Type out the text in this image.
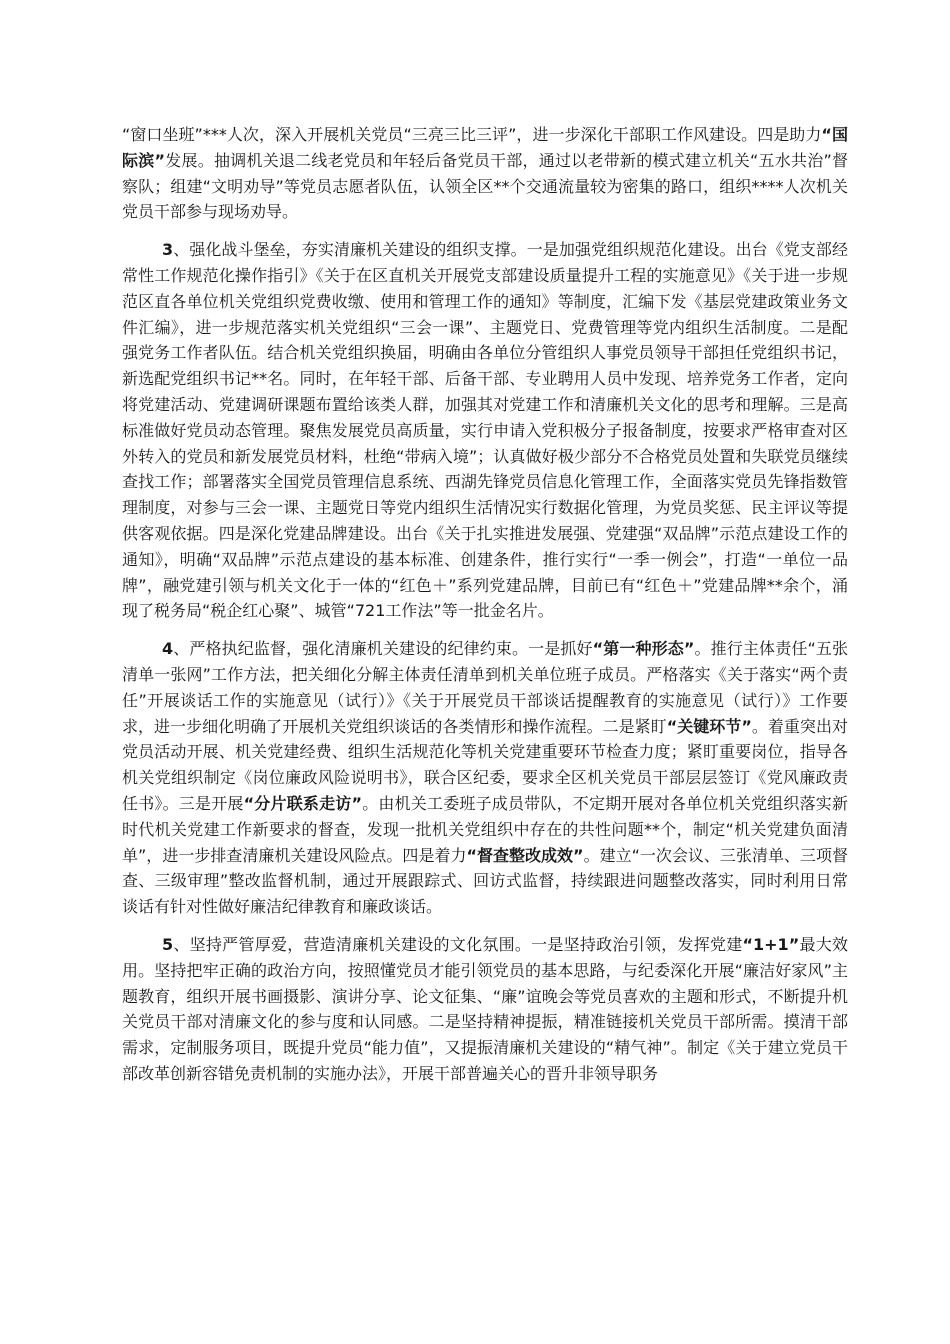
“窗口坐班”***人次，深入开展机关党员“三亮三比三评”，进一步深化干部职工作风建设。四是助力“国际滨”发展。抽调机关退二线老党员和年轻后备党员干部，通过以老带新的模式建立机关“五水共治”督察队；组建“文明劝导”等党员志愿者队伍，认领全区**个交通流量较为密集的路口，组织****人次机关党员干部参与现场劝导。

3、强化战斗堡垒，夯实清廉机关建设的组织支撑。一是加强党组织规范化建设。出台《党支部经常性工作规范化操作指引》《关于在区直机关开展党支部建设质量提升工程的实施意见》《关于进一步规范区直各单位机关党组织党费收缴、使用和管理工作的通知》等制度，汇编下发《基层党建政策业务文件汇编》，进一步规范落实机关党组织“三会一课”、主题党日、党费管理等党内组织生活制度。二是配强党务工作者队伍。结合机关党组织换届，明确由各单位分管组织人事党员领导干部担任党组织书记，新选配党组织书记**名。同时，在年轻干部、后备干部、专业聘用人员中发现、培养党务工作者，定向将党建活动、党建调研课题布置给该类人群，加强其对党建工作和清廉机关文化的思考和理解。三是高标准做好党员动态管理。聚焦发展党员高质量，实行申请入党积极分子报备制度，按要求严格审查对区外转入的党员和新发展党员材料，杜绝“带病入境”；认真做好极少部分不合格党员处置和失联党员继续查找工作；部署落实全国党员管理信息系统、西湖先锋党员信息化管理工作，全面落实党员先锋指数管理制度，对参与三会一课、主题党日等党内组织生活情况实行数据化管理，为党员奖惩、民主评议等提供客观依据。四是深化党建品牌建设。出台《关于扎实推进发展强、党建强“双品牌”示范点建设工作的通知》，明确“双品牌”示范点建设的基本标准、创建条件，推行实行“一季一例会”，打造“一单位一品牌”，融党建引领与机关文化于一体的“红色＋”系列党建品牌，目前已有“红色＋”党建品牌**余个，涌现了税务局“税企红心聚”、城管“721工作法”等一批金名片。

4、严格执纪监督，强化清廉机关建设的纪律约束。一是抓好“第一种形态”。推行主体责任“五张清单一张网”工作方法，把关细化分解主体责任清单到机关单位班子成员。严格落实《关于落实“两个责任”开展谈话工作的实施意见（试行）》《关于开展党员干部谈话提醒教育的实施意见（试行）》工作要求，进一步细化明确了开展机关党组织谈话的各类情形和操作流程。二是紧盯“关键环节”。着重突出对党员活动开展、机关党建经费、组织生活规范化等机关党建重要环节检查力度；紧盯重要岗位，指导各机关党组织制定《岗位廉政风险说明书》，联合区纪委，要求全区机关党员干部层层签订《党风廉政责任书》。三是开展“分片联系走访”。由机关工委班子成员带队，不定期开展对各单位机关党组织落实新时代机关党建工作新要求的督查，发现一批机关党组织中存在的共性问题**个，制定“机关党建负面清单”，进一步排查清廉机关建设风险点。四是着力“督查整改成效”。建立“一次会议、三张清单、三项督查、三级审理”整改监督机制，通过开展跟踪式、回访式监督，持续跟进问题整改落实，同时利用日常谈话有针对性做好廉洁纪律教育和廉政谈话。

5、坚持严管厚爱，营造清廉机关建设的文化氛围。一是坚持政治引领，发挥党建“1+1”最大效用。坚持把牢正确的政治方向，按照懂党员才能引领党员的基本思路，与纪委深化开展“廉洁好家风”主题教育，组织开展书画摄影、演讲分享、论文征集、“廉”谊晚会等党员喜欢的主题和形式，不断提升机关党员干部对清廉文化的参与度和认同感。二是坚持精神提振，精准链接机关党员干部所需。摸清干部需求，定制服务项目，既提升党员“能力值”，又提振清廉机关建设的“精气神”。制定《关于建立党员干部改革创新容错免责机制的实施办法》，开展干部普遍关心的晋升非领导职务
